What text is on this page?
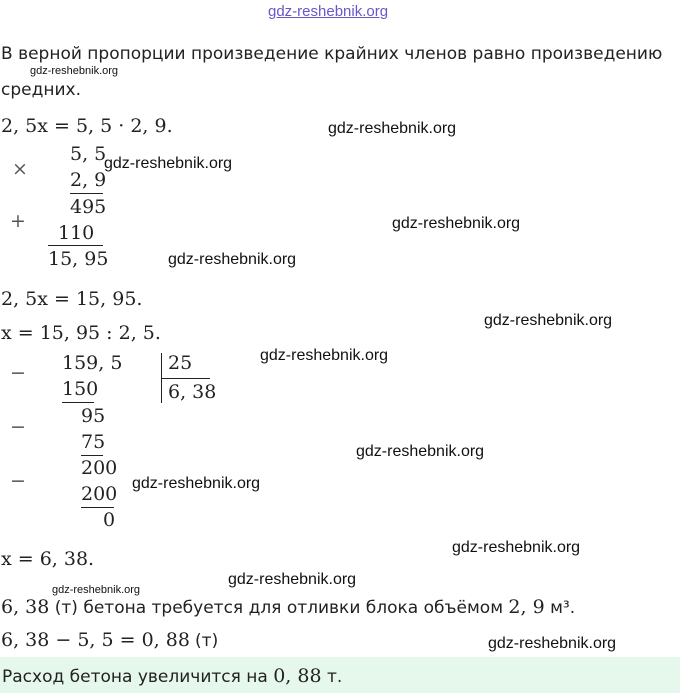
gdz-reshebnik.org
В верной пропорции произведение крайних членов равно произведению
gdz-reshebnik.org
средних.
2, 5x = 5, 5 · 2, 9.	gdz-reshebnik.org
×
5, 5
gdz-reshebnik.org
2, 9
495
+
110
15, 95
gdz-reshebnik.org
gdz-reshebnik.org
2, 5x = 15, 95.
x = 15, 95 : 2, 5.
gdz-reshebnik.org
− 159, 5 25
6, 38
gdz-reshebnik.org
150
95
−
75
200
gdz-reshebnik.org
−
200 gdz-reshebnik.org
0
x = 6, 38.
gdz-reshebnik.org
gdz-reshebnik.org
gdz-reshebnik.org
6, 38 (т) бетона требуется для отливки блока объёмом 2, 9 м³.
6, 38 − 5, 5 = 0, 88 (т)	gdz-reshebnik.org
Расход бетона увеличится на 0, 88 т.
